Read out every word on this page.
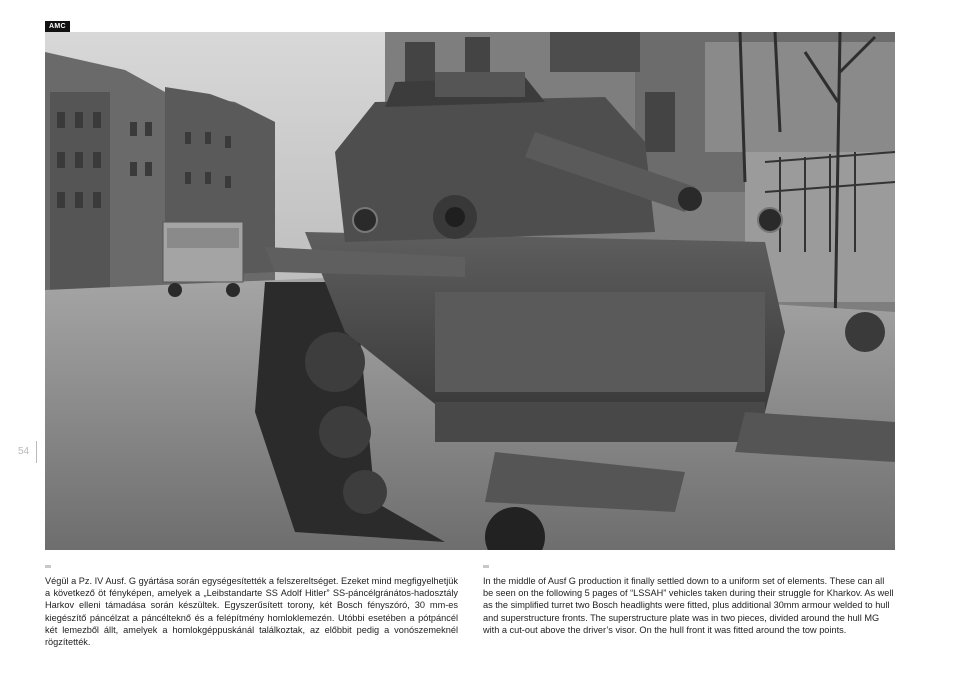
AMC
54

Végül a Pz. IV Ausf. G gyártása során egységesítették a felszereltséget. Ezeket mind megfigyelhetjük a következő öt fényképen, amelyek a „Leibstandarte SS Adolf Hitler” SS-páncélgránátos-hadosztály Harkov elleni támadása során készültek. Egyszerűsített torony, két Bosch fényszóró, 30 mm-es kiegészítő páncélzat a páncélteknő és a felépítmény homloklemezén. Utóbbi esetében a pótpáncél két lemezből állt, amelyek a homlokgéppuskánál találkoztak, az előbbit pedig a vonószemeknél rögzítették.

In the middle of Ausf G production it finally settled down to a uniform set of elements. These can all be seen on the following 5 pages of “LSSAH” vehicles taken during their struggle for Kharkov. As well as the simplified turret two Bosch headlights were fitted, plus additional 30mm armour welded to hull and superstructure fronts. The superstructure plate was in two pieces, divided around the hull MG with a cut-out above the driver’s visor. On the hull front it was fitted around the tow points.
